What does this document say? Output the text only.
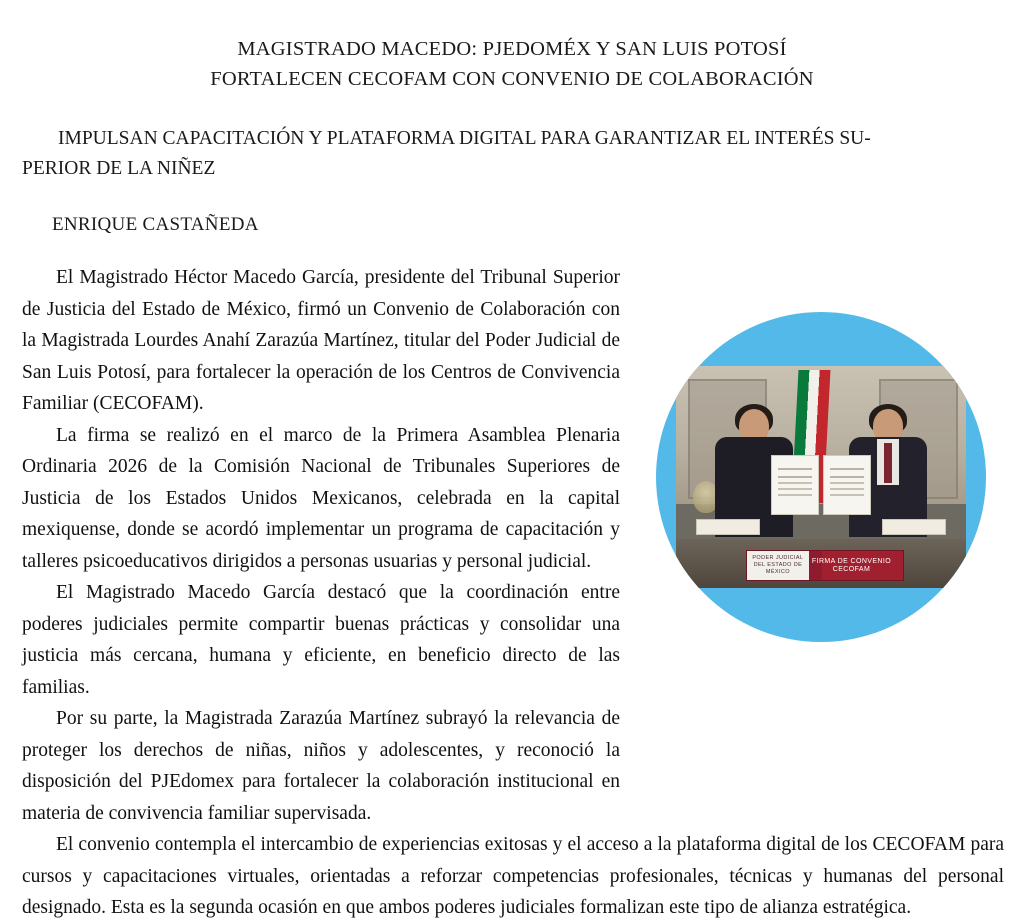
MAGISTRADO MACEDO: PJEDOMÉX Y SAN LUIS POTOSÍ
FORTALECEN CECOFAM CON CONVENIO DE COLABORACIÓN
IMPULSAN CAPACITACIÓN Y PLATAFORMA DIGITAL PARA GARANTIZAR EL INTERÉS SU-
PERIOR DE LA NIÑEZ
ENRIQUE CASTAÑEDA
PODER JUDICIAL DEL ESTADO DE MÉXICO
FIRMA DE CONVENIO
CECOFAM

El Magistrado Héctor Macedo García, presidente del Tribunal Superior de Justicia del Estado de México, firmó un Convenio de Colaboración con la Magistrada Lourdes Anahí Zarazúa Martínez, titular del Poder Judicial de San Luis Potosí, para fortalecer la operación de los Centros de Convivencia Familiar (CECOFAM).

La firma se realizó en el marco de la Primera Asamblea Plenaria Ordinaria 2026 de la Comisión Nacional de Tribunales Superiores de Justicia de los Estados Unidos Mexicanos, celebrada en la capital mexiquense, donde se acordó implementar un programa de capacitación y talleres psicoeducativos dirigidos a personas usuarias y personal judicial.

El Magistrado Macedo García destacó que la coordinación entre poderes judiciales permite compartir buenas prácticas y consolidar una justicia más cercana, humana y eficiente, en beneficio directo de las familias.

Por su parte, la Magistrada Zarazúa Martínez subrayó la relevancia de proteger los derechos de niñas, niños y adolescentes, y reconoció la disposición del PJEdomex para fortalecer la colaboración institucional en materia de convivencia familiar supervisada.

El convenio contempla el intercambio de experiencias exitosas y el acceso a la plataforma digital de los CECOFAM para cursos y capacitaciones virtuales, orientadas a reforzar competencias profesionales, técnicas y humanas del personal designado. Esta es la segunda ocasión en que ambos poderes judiciales formalizan este tipo de alianza estratégica.
